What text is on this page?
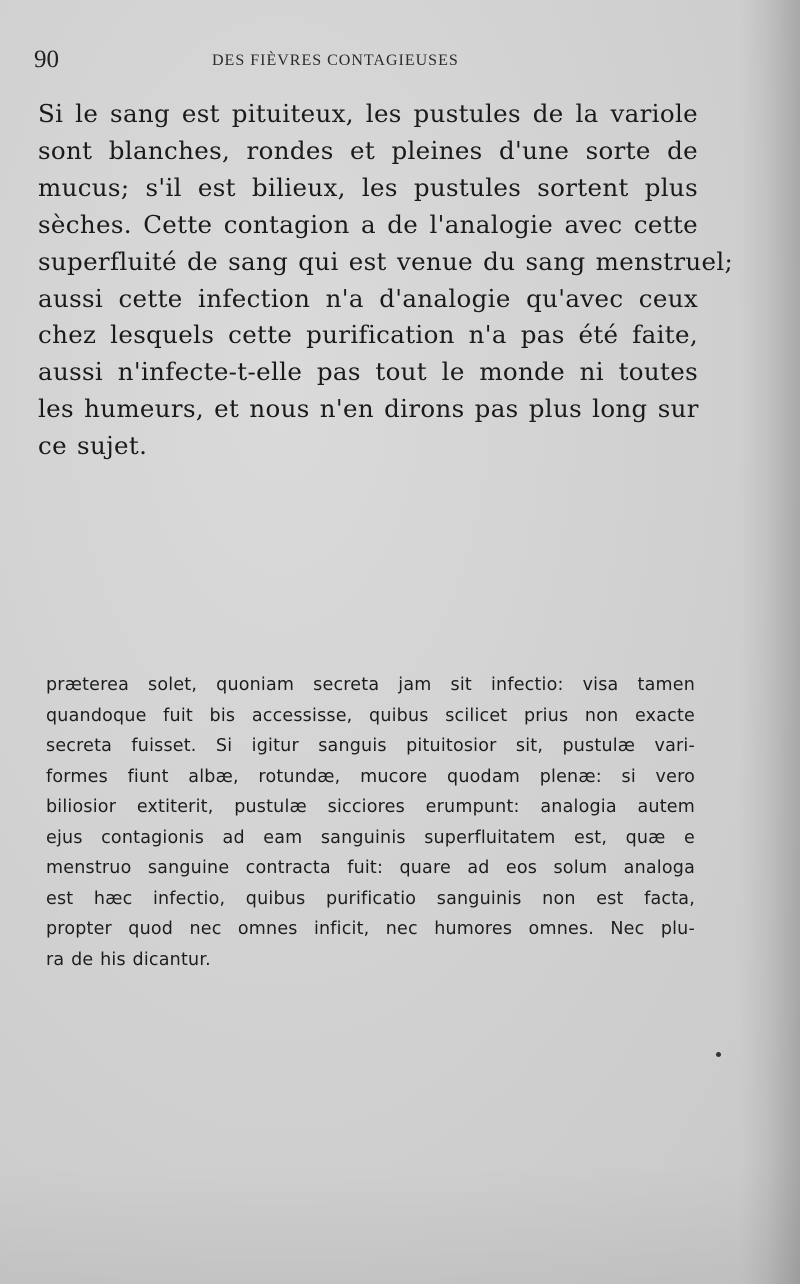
90	DES FIÈVRES CONTAGIEUSES
Si le sang est pituiteux, les pustules de la variole
sont blanches, rondes et pleines d'une sorte de
mucus; s'il est bilieux, les pustules sortent plus
sèches. Cette contagion a de l'analogie avec cette
superfluité de sang qui est venue du sang menstruel;
aussi cette infection n'a d'analogie qu'avec ceux
chez lesquels cette purification n'a pas été faite,
aussi n'infecte-t-elle pas tout le monde ni toutes
les humeurs, et nous n'en dirons pas plus long sur
ce sujet.
præterea solet, quoniam secreta jam sit infectio: visa tamen
quandoque fuit bis accessisse, quibus scilicet prius non exacte
secreta fuisset. Si igitur sanguis pituitosior sit, pustulæ vari-
formes fiunt albæ, rotundæ, mucore quodam plenæ: si vero
biliosior extiterit, pustulæ sicciores erumpunt: analogia autem
ejus contagionis ad eam sanguinis superfluitatem est, quæ e
menstruo sanguine contracta fuit: quare ad eos solum analoga
est hæc infectio, quibus purificatio sanguinis non est facta,
propter quod nec omnes inficit, nec humores omnes. Nec plu-
ra de his dicantur.
